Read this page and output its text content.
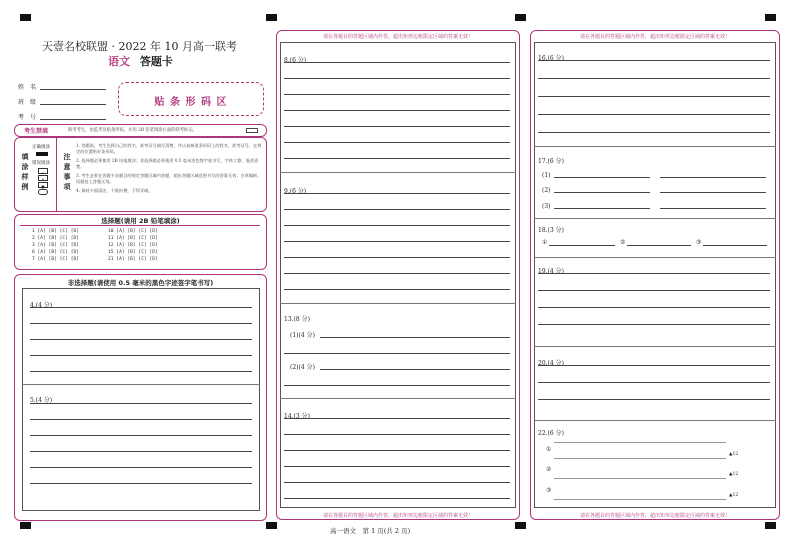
天壹名校联盟 · 2022 年 10 月高一联考
语文 答题卡
姓　名
班　级
考　号
贴 条 形 码 区
考生禁填	缺考考生，由监考员贴条形码，并用 2B 铅笔填涂右面的缺考标记。
填
涂
样
例
正确填涂
错误填涂
✓
✕
●
注
意
事
项
1. 答题前，考生先将自己的姓名、准考证号填写清楚，并认真核准条形码上的姓名、准考证号，在规定的位置贴好条形码。
2. 选择题必须使用 2B 铅笔填涂；非选择题必须使用 0.5 毫米黑色签字笔书写，字体工整、笔迹清楚。
3. 考生必须在答题卡各题目的规定答题区域内答题，超出答题区域范围书写的答案无效；在草稿纸、试题卷上答题无效。
4. 保持卡面清洁，不准折叠、不得弄破。
选择题(请用 2B 铅笔填涂)
1 [A] [B] [C] [D]
2 [A] [B] [C] [D]
3 [A] [B] [C] [D]
6 [A] [B] [C] [D]
7 [A] [B] [C] [D]
10 [A] [B] [C] [D]
11 [A] [B] [C] [D]
12 [A] [B] [C] [D]
15 [A] [B] [C] [D]
21 [A] [B] [C] [D]
非选择题(请使用 0.5 毫米的黑色字迹签字笔书写)
4.(4 分)
5.(4 分)
请在各题目的答题区域内作答，超出矩形边框限定区域的答案无效！
请在各题目的答题区域内作答，超出矩形边框限定区域的答案无效！
8.(6 分)
9.(6 分)
13.(8 分)
(1)(4 分)
(2)(4 分)
14.(3 分)
请在各题目的答题区域内作答，超出矩形边框限定区域的答案无效！
请在各题目的答题区域内作答，超出矩形边框限定区域的答案无效！
16.(6 分)
17.(6 分)
(1)
(2)
(3)
18.(3 分)
①	②	③
19.(4 分)
20.(4 分)
22.(6 分)
①
▲12
②
▲12
③
▲12
高一语文　第 1 页(共 2 页)
